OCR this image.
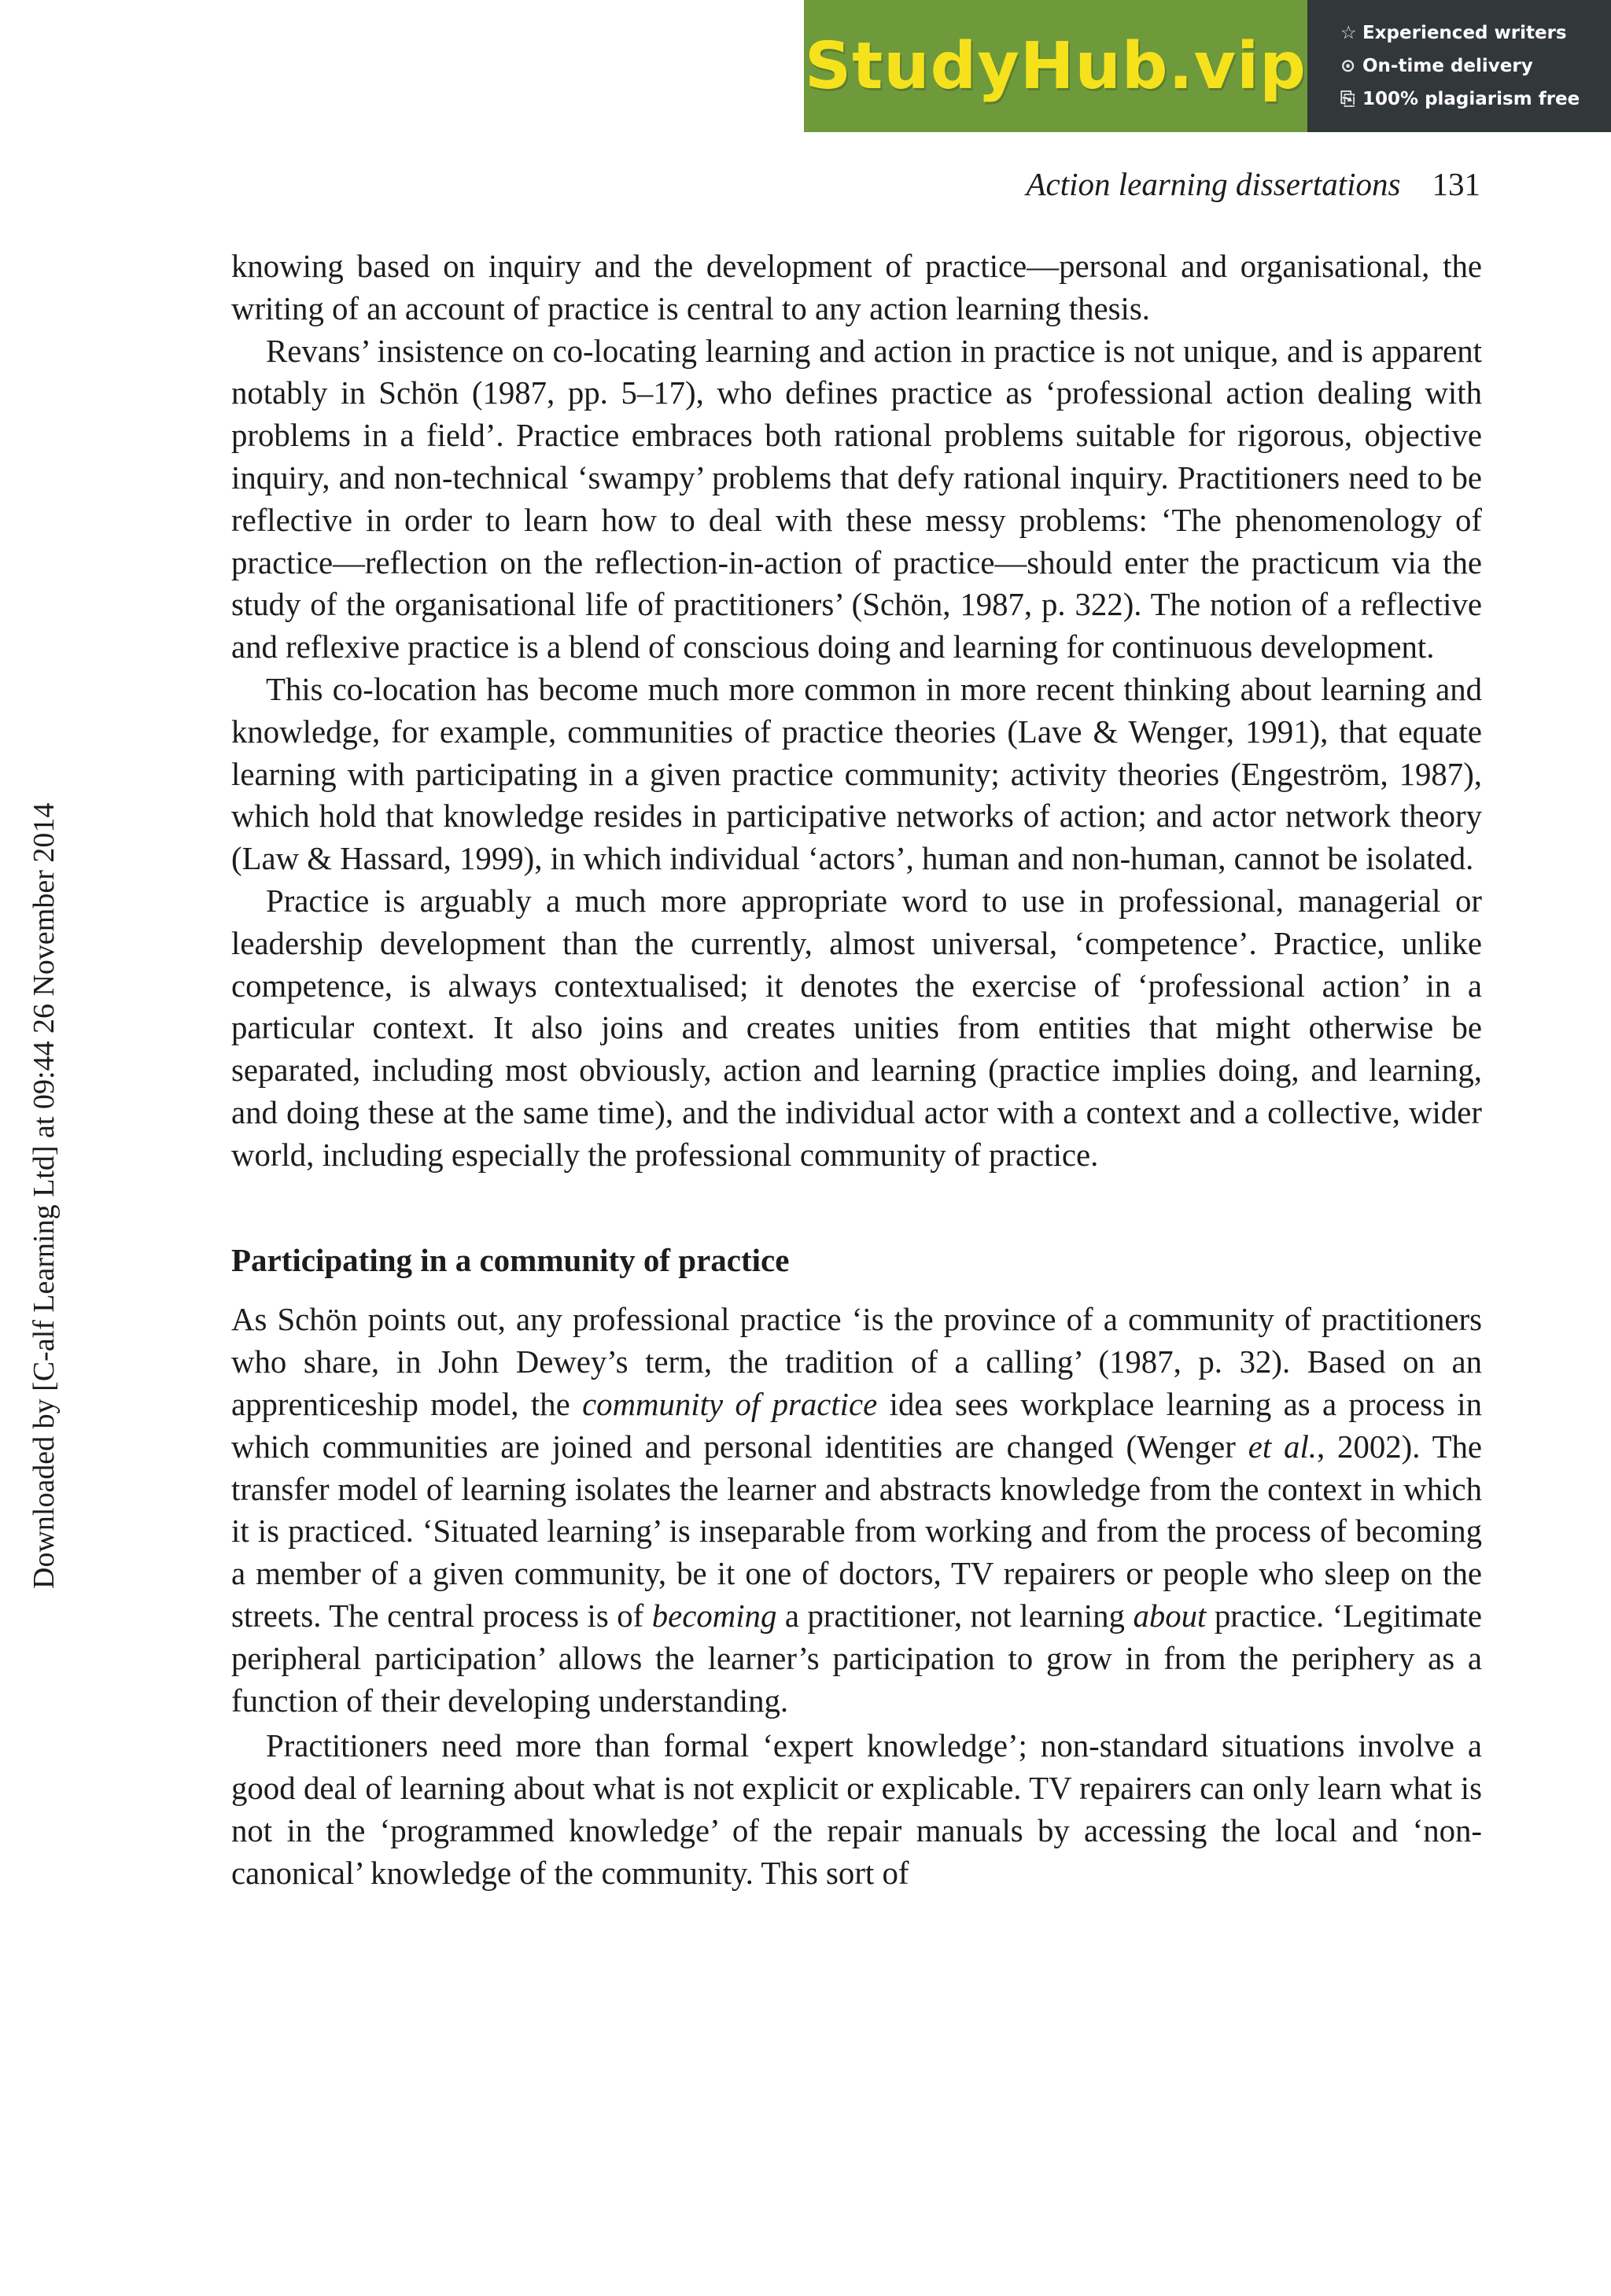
StudyHub.vip ☆ Experienced writers
⊙ On-time delivery
⎘ 100% plagiarism free
Action learning dissertations 131
Downloaded by [C-alf Learning Ltd] at 09:44 26 November 2014

knowing based on inquiry and the development of practice—personal and organisational, the writing of an account of practice is central to any action learning thesis.

Revans’ insistence on co-locating learning and action in practice is not unique, and is apparent notably in Schön (1987, pp. 5–17), who defines practice as ‘professional action dealing with problems in a field’. Practice embraces both rational problems suitable for rigorous, objective inquiry, and non-technical ‘swampy’ problems that defy rational inquiry. Practitioners need to be reflective in order to learn how to deal with these messy problems: ‘The phenomenology of practice—reflection on the reflection-in-action of practice—should enter the practicum via the study of the organisational life of practitioners’ (Schön, 1987, p. 322). The notion of a reflective and reflexive practice is a blend of conscious doing and learning for continuous development.

This co-location has become much more common in more recent thinking about learning and knowledge, for example, communities of practice theories (Lave & Wenger, 1991), that equate learning with participating in a given practice community; activity theories (Engeström, 1987), which hold that knowledge resides in participative networks of action; and actor network theory (Law & Hassard, 1999), in which individual ‘actors’, human and non-human, cannot be isolated.

Practice is arguably a much more appropriate word to use in professional, managerial or leadership development than the currently, almost universal, ‘competence’. Practice, unlike competence, is always contextualised; it denotes the exercise of ‘professional action’ in a particular context. It also joins and creates unities from entities that might otherwise be separated, including most obviously, action and learning (practice implies doing, and learning, and doing these at the same time), and the individual actor with a context and a collective, wider world, including especially the professional community of practice.

Participating in a community of practice

As Schön points out, any professional practice ‘is the province of a community of practitioners who share, in John Dewey’s term, the tradition of a calling’ (1987, p. 32). Based on an apprenticeship model, the community of practice idea sees workplace learning as a process in which communities are joined and personal identities are changed (Wenger et al., 2002). The transfer model of learning isolates the learner and abstracts knowledge from the context in which it is practiced. ‘Situated learning’ is inseparable from working and from the process of becoming a member of a given community, be it one of doctors, TV repairers or people who sleep on the streets. The central process is of becoming a practitioner, not learning about practice. ‘Legitimate peripheral participation’ allows the learner’s participation to grow in from the periphery as a function of their developing understanding.

Practitioners need more than formal ‘expert knowledge’; non-standard situations involve a good deal of learning about what is not explicit or explicable. TV repairers can only learn what is not in the ‘programmed knowledge’ of the repair manuals by accessing the local and ‘non-canonical’ knowledge of the community. This sort of
